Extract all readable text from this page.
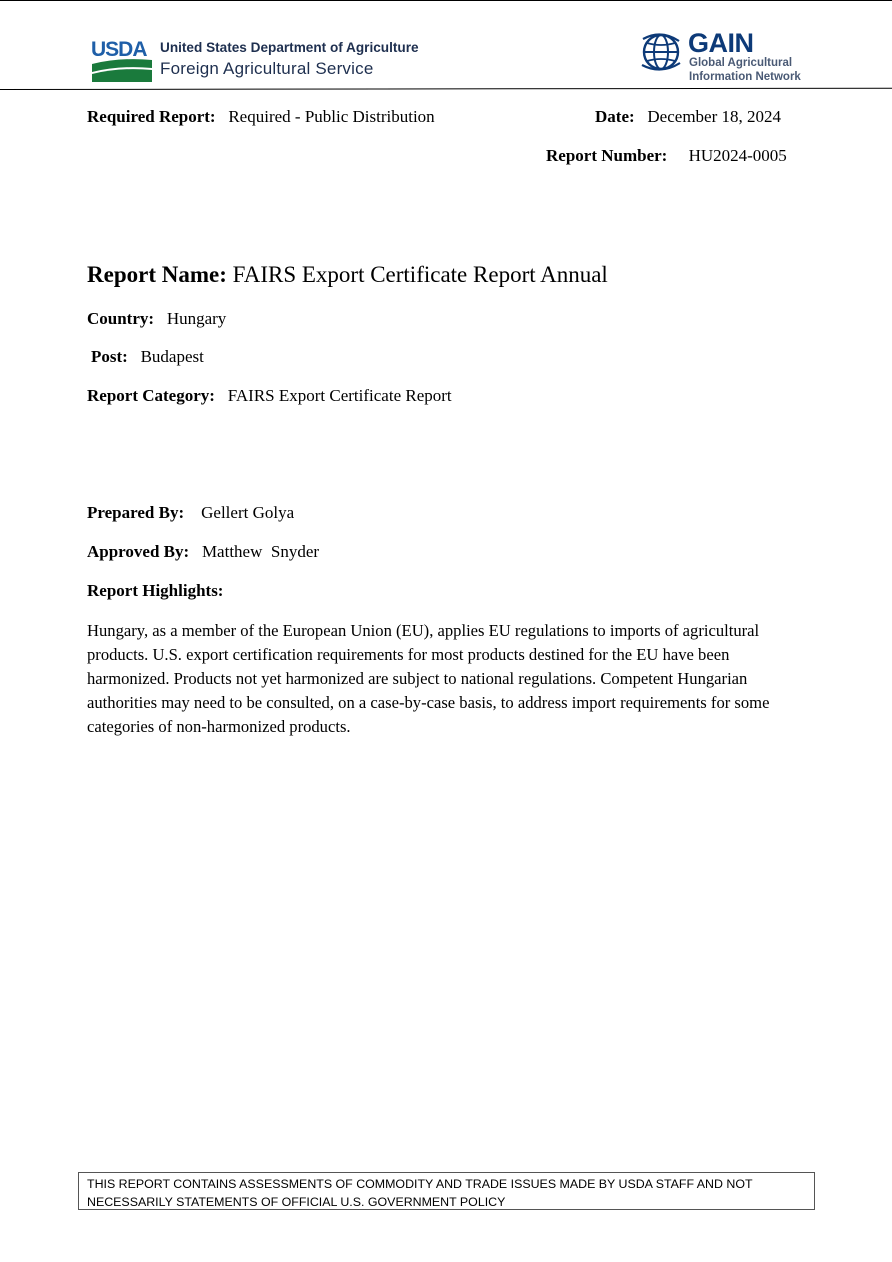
USDA United States Department of Agriculture
Foreign Agricultural Service
GAIN
Global Agricultural
Information Network
Required Report: Required - Public Distribution	Date: December 18, 2024
Report Number: HU2024-0005
Report Name: FAIRS Export Certificate Report Annual
Country: Hungary
Post: Budapest
Report Category: FAIRS Export Certificate Report
Prepared By: Gellert Golya
Approved By: Matthew  Snyder
Report Highlights:
Hungary, as a member of the European Union (EU), applies EU regulations to imports of agricultural products. U.S. export certification requirements for most products destined for the EU have been harmonized. Products not yet harmonized are subject to national regulations. Competent Hungarian authorities may need to be consulted, on a case-by-case basis, to address import requirements for some categories of non-harmonized products.
THIS REPORT CONTAINS ASSESSMENTS OF COMMODITY AND TRADE ISSUES MADE BY USDA STAFF AND NOT NECESSARILY STATEMENTS OF OFFICIAL U.S. GOVERNMENT POLICY
